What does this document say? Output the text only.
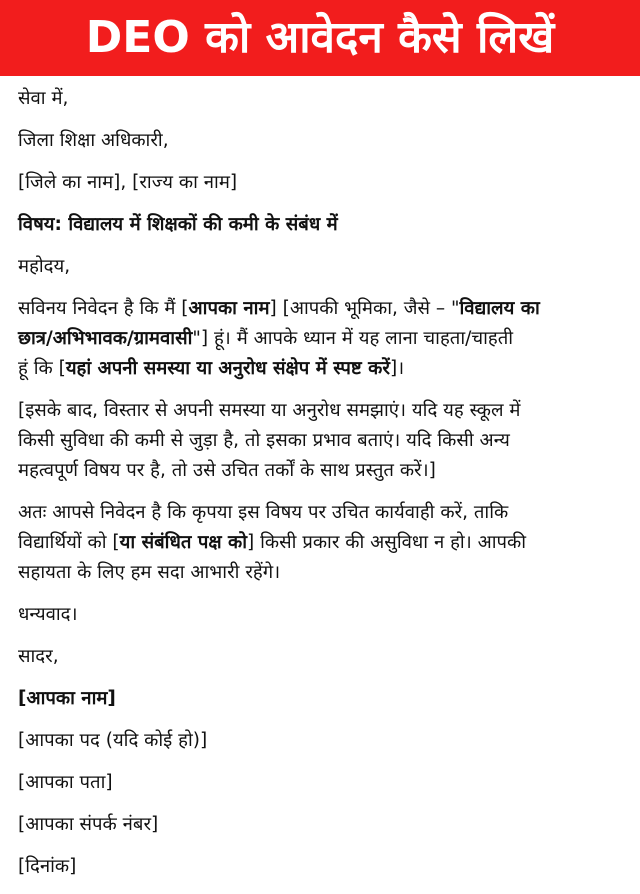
DEO को आवेदन कैसे लिखें
सेवा में,
जिला शिक्षा अधिकारी,
[जिले का नाम], [राज्य का नाम]
विषय: विद्यालय में शिक्षकों की कमी के संबंध में
महोदय,
सविनय निवेदन है कि मैं [आपका नाम] [आपकी भूमिका, जैसे – "विद्यालय का
छात्र/अभिभावक/ग्रामवासी"] हूं। मैं आपके ध्यान में यह लाना चाहता/चाहती
हूं कि [यहां अपनी समस्या या अनुरोध संक्षेप में स्पष्ट करें]।
[इसके बाद, विस्तार से अपनी समस्या या अनुरोध समझाएं। यदि यह स्कूल में
किसी सुविधा की कमी से जुड़ा है, तो इसका प्रभाव बताएं। यदि किसी अन्य
महत्वपूर्ण विषय पर है, तो उसे उचित तर्कों के साथ प्रस्तुत करें।]
अतः आपसे निवेदन है कि कृपया इस विषय पर उचित कार्यवाही करें, ताकि
विद्यार्थियों को [या संबंधित पक्ष को] किसी प्रकार की असुविधा न हो। आपकी
सहायता के लिए हम सदा आभारी रहेंगे।
धन्यवाद।
सादर,
[आपका नाम]
[आपका पद (यदि कोई हो)]
[आपका पता]
[आपका संपर्क नंबर]
[दिनांक]
